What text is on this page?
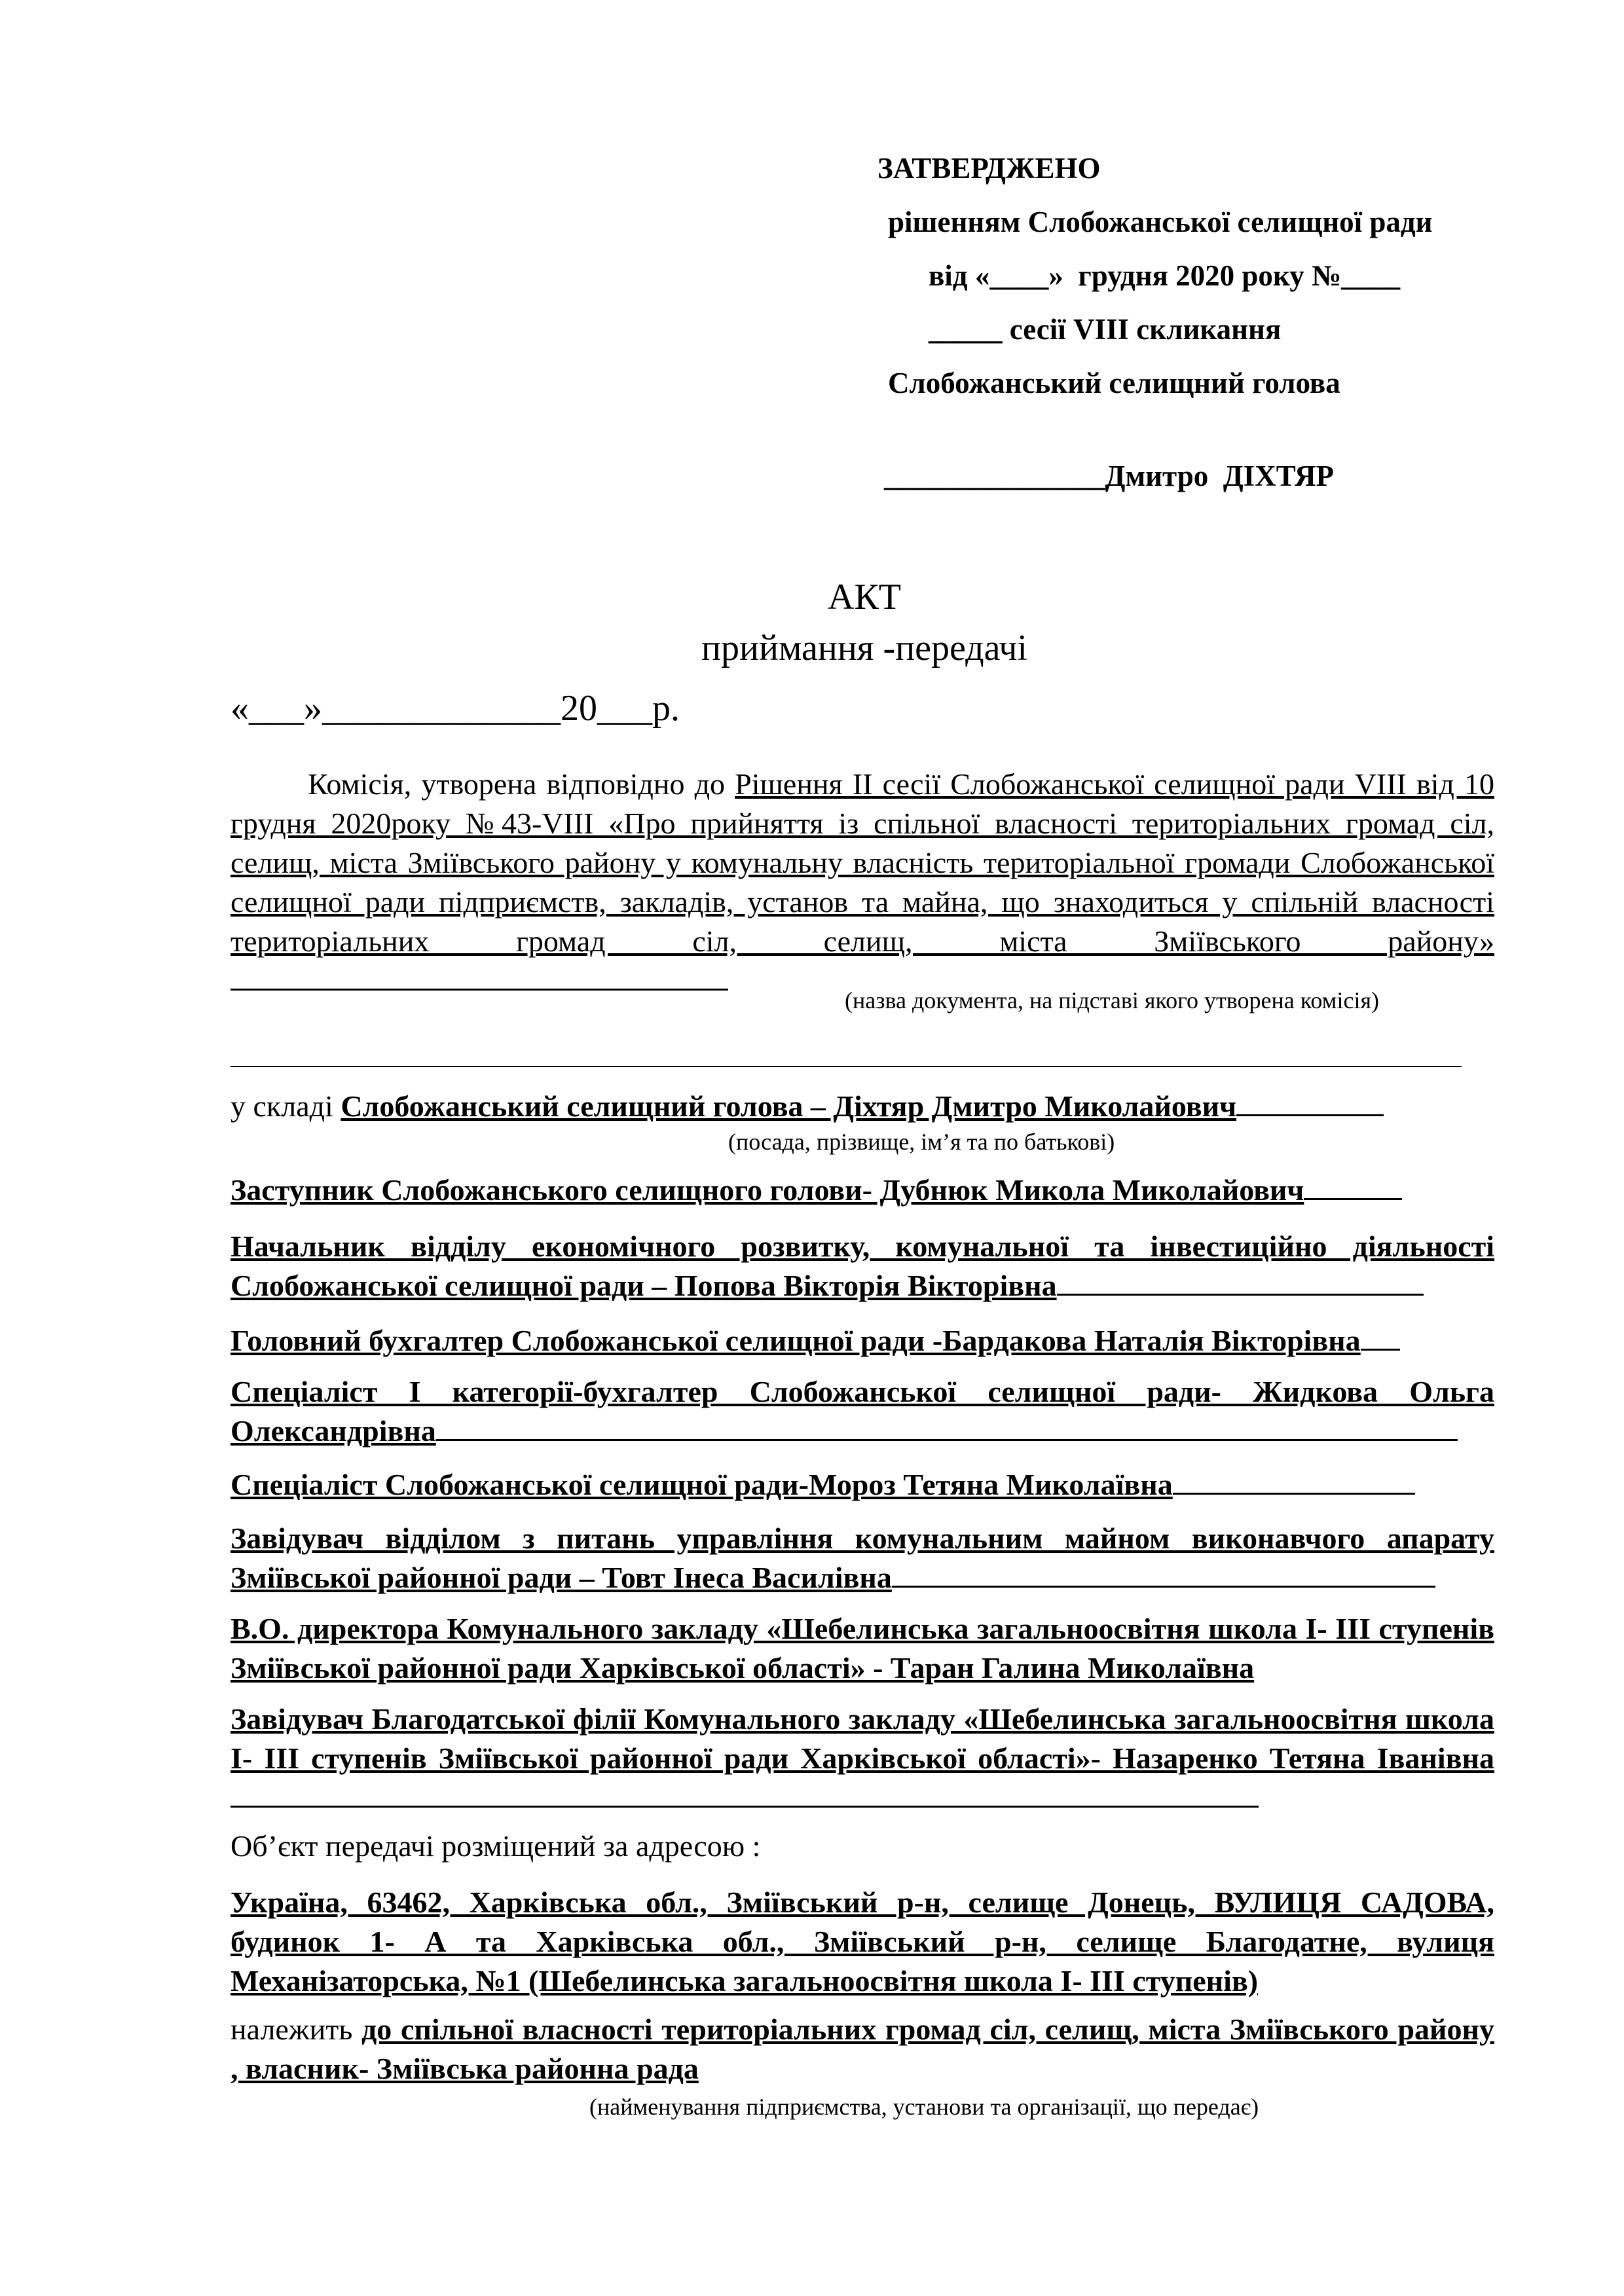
ЗАТВЕРДЖЕНО
рішенням Слобожанської селищної ради
від «____»  грудня 2020 року №____
_____ сесії VIII скликання
Слобожанський селищний голова
_______________Дмитро  ДІХТЯР
АКТ
приймання -передачі
«___»_____________20___р.
Комісія, утворена відповідно до Рішення ІІ сесії Слобожанської селищної ради VIII від 10 грудня 2020року №43-VIII «Про прийняття із спільної власності територіальних громад сіл, селищ, міста Зміївського району у комунальну власність територіальної громади Слобожанської селищної ради підприємств, закладів, установ та майна, що знаходиться у спільній власності територіальних громад сіл, селищ, міста Зміївського району»
(назва документа, на підставі якого утворена комісія)
у складі Слобожанський селищний голова – Діхтяр Дмитро Миколайович
(посада, прізвище, ім’я та по батькові)
Заступник Слобожанського селищного голови- Дубнюк Микола Миколайович
Начальник відділу економічного розвитку, комунальної та інвестиційно діяльності Слобожанської селищної ради – Попова Вікторія Вікторівна
Головний бухгалтер Слобожанської селищної ради -Бардакова Наталія Вікторівна
Спеціаліст І категорії-бухгалтер Слобожанської селищної ради- Жидкова Ольга Олександрівна
Спеціаліст Слобожанської селищної ради-Мороз Тетяна Миколаївна
Завідувач відділом з питань управління комунальним майном виконавчого апарату Зміївської районної ради – Товт Інеса Василівна
В.О. директора Комунального закладу «Шебелинська загальноосвітня школа І- ІІІ ступенів Зміївської районної ради Харківської області» - Таран Галина Миколаївна
Завідувач Благодатської філії Комунального закладу «Шебелинська загальноосвітня школа І- ІІІ ступенів Зміївської районної ради Харківської області»- Назаренко Тетяна Іванівна
Об’єкт передачі розміщений за адресою :
Україна, 63462, Харківська обл., Зміївський р-н, селище Донець, ВУЛИЦЯ САДОВА, будинок 1- А та Харківська обл., Зміївський р-н, селище Благодатне, вулиця Механізаторська, №1 (Шебелинська загальноосвітня школа І- ІІІ ступенів)
належить до спільної власності територіальних громад сіл, селищ, міста Зміївського району , власник- Зміївська районна рада
(найменування підприємства, установи та організації, що передає)
